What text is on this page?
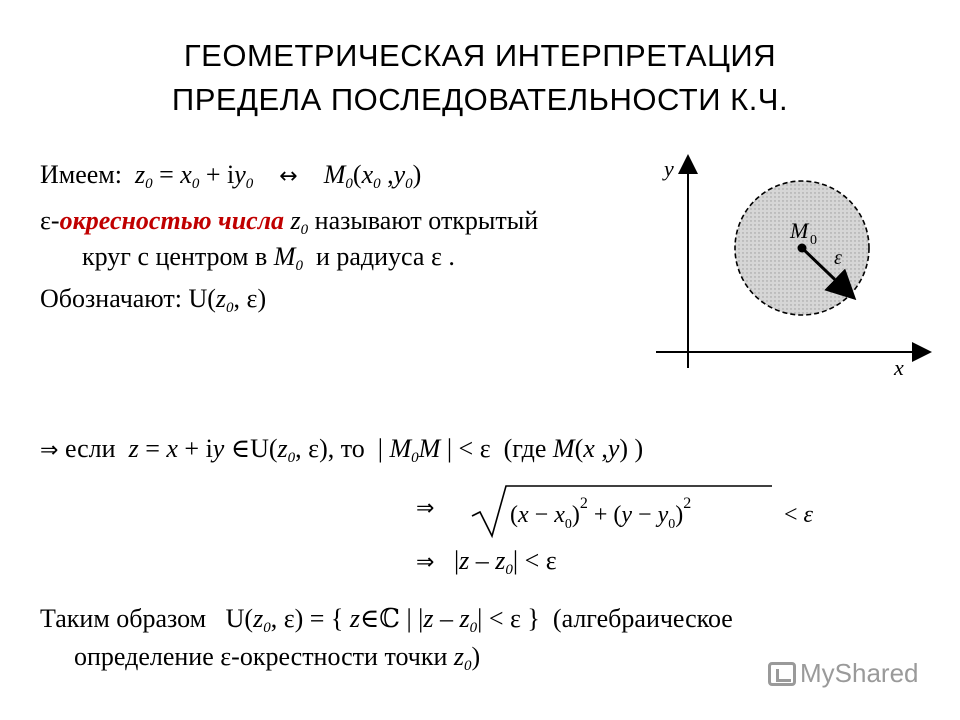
ГЕОМЕТРИЧЕСКАЯ ИНТЕРПРЕТАЦИЯ
ПРЕДЕЛА ПОСЛЕДОВАТЕЛЬНОСТИ К.Ч.
Имеем: $z_0 = x_0 + iy_0$ ↔ $M_0(x_0$ $,y_0$)
ε-окресностью числа $z_0$ называют открытый
круг с центром в $M_0$ и радиуса ε .
Обозначают: $U(z_0$, ε)
y
x
M 0
ε
⇒ если z = x + iy $\in U(z_0$, ε), то  | $M_0M$ | < ε  (где M(x ,y) )
⇒	$(x - x_0)^2 + (y - y_0)^2$	< ε
⇒   $|z - z_0| < \varepsilon$
Таким образом   $U(z_0$, ε) = { z∈ℂ | $|z - z_0| < \varepsilon$ }  (алгебраическое
определение ε-окрестности точки $z_0$)
MyShared
